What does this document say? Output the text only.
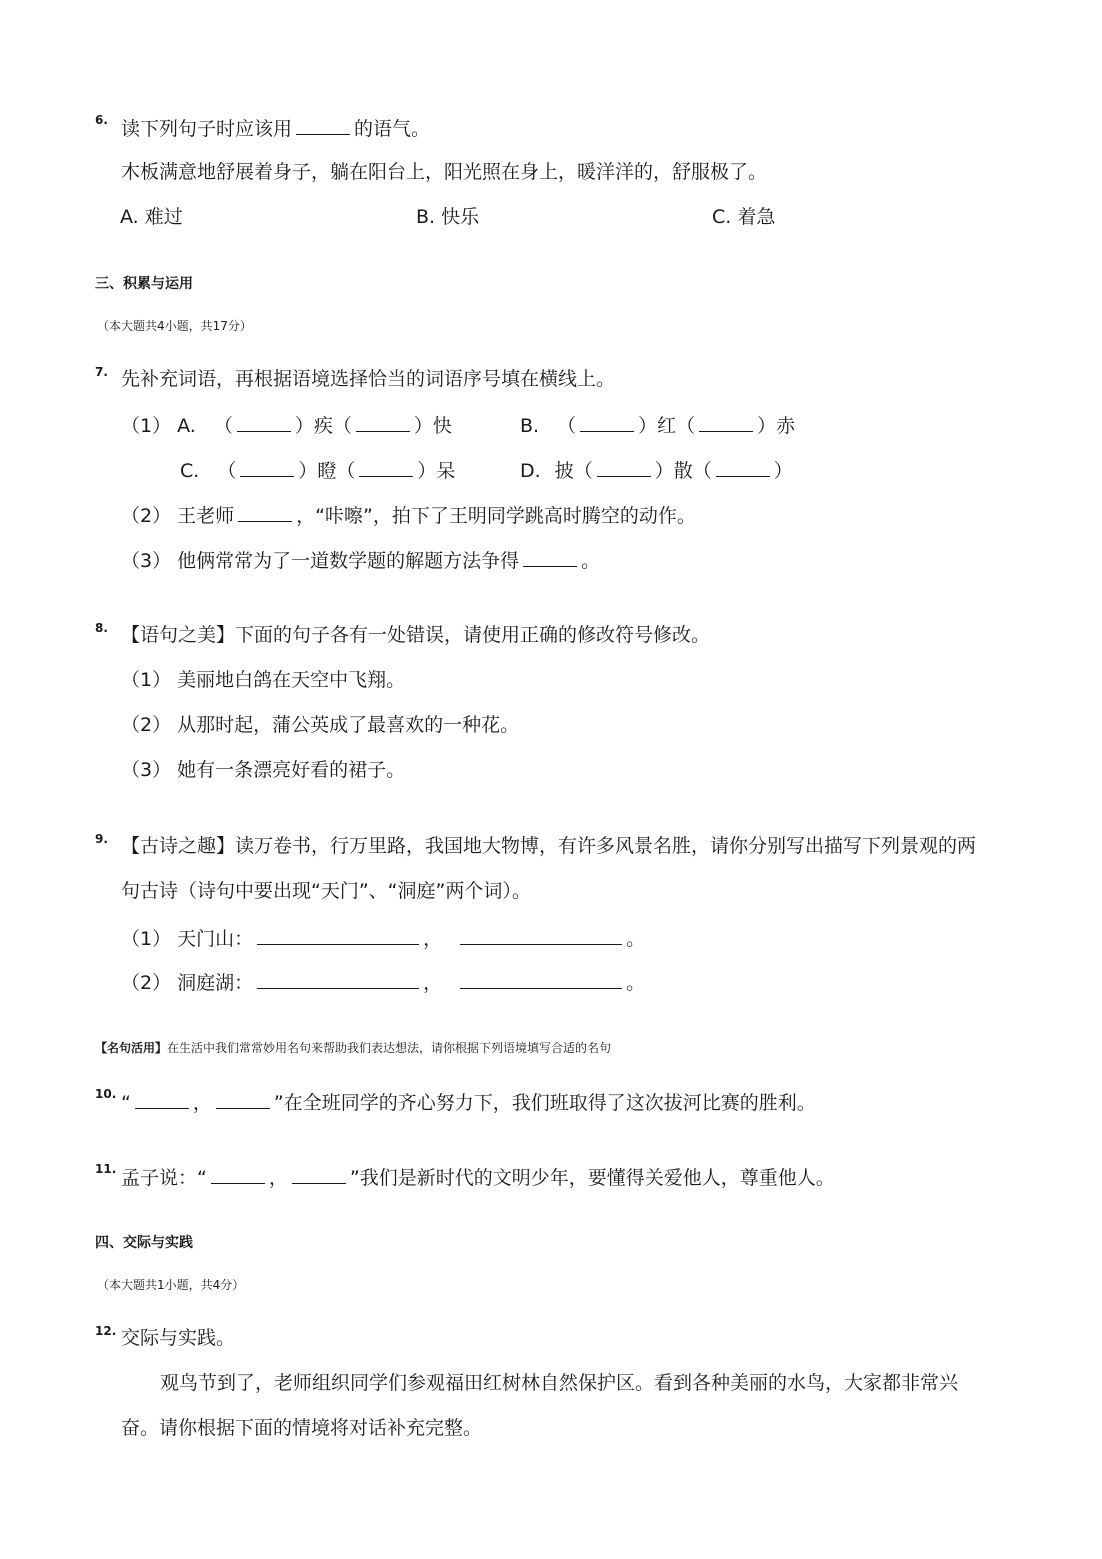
6. 读下列句子时应该用	的语气。
木板满意地舒展着身子，躺在阳台上，阳光照在身上，暖洋洋的，舒服极了。
A. 难过	B. 快乐	C. 着急
三、积累与运用
（本大题共4小题，共17分）
7. 先补充词语，再根据语境选择恰当的词语序号填在横线上。
（1） A. （	）疾（	）快	B. （	）红（	）赤
C. （	）瞪（	）呆	D. 披（	）散（	）
（2） 王老师	，“咔嚓”，拍下了王明同学跳高时腾空的动作。
（3） 他俩常常为了一道数学题的解题方法争得	。
8. 【语句之美】下面的句子各有一处错误，请使用正确的修改符号修改。
（1） 美丽地白鸽在天空中飞翔。
（2） 从那时起，蒲公英成了最喜欢的一种花。
（3） 她有一条漂亮好看的裙子。
9. 【古诗之趣】读万卷书，行万里路，我国地大物博，有许多风景名胜，请你分别写出描写下列景观的两
句古诗（诗句中要出现“天门”、“洞庭”两个词）。
（1） 天门山：	，	。
（2） 洞庭湖：	，	。
【名句活用】在生活中我们常常妙用名句来帮助我们表达想法，请你根据下列语境填写合适的名句
10. “	，	”在全班同学的齐心努力下，我们班取得了这次拔河比赛的胜利。
11. 孟子说：“	，	”我们是新时代的文明少年，要懂得关爱他人，尊重他人。
四、交际与实践
（本大题共1小题，共4分）
12. 交际与实践。
观鸟节到了，老师组织同学们参观福田红树林自然保护区。看到各种美丽的水鸟，大家都非常兴
奋。请你根据下面的情境将对话补充完整。
